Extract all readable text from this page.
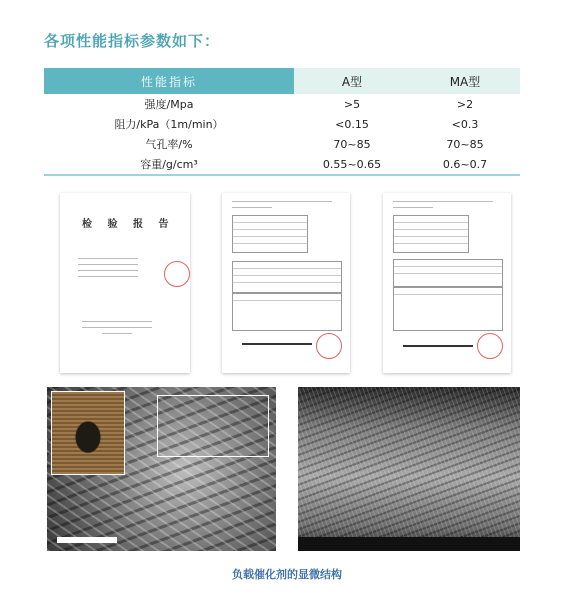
各项性能指标参数如下：
性能指标	A型	MA型
强度/Mpa	>5	>2
阻力/kPa（1m/min）	<0.15	<0.3
气孔率/%	70~85	70~85
容重/g/cm³	0.55~0.65	0.6~0.7
检 验 报 告
负载催化剂的显微结构
